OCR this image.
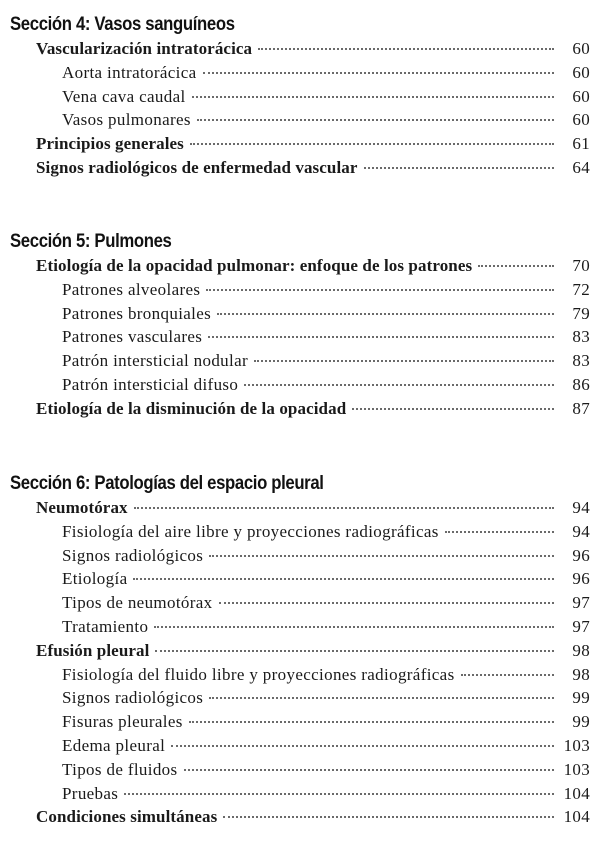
Sección 4: Vasos sanguíneos
Vascularización intratorácica	60
Aorta intratorácica	60
Vena cava caudal	60
Vasos pulmonares	60
Principios generales	61
Signos radiológicos de enfermedad vascular	64
Sección 5: Pulmones
Etiología de la opacidad pulmonar: enfoque de los patrones	70
Patrones alveolares	72
Patrones bronquiales	79
Patrones vasculares	83
Patrón intersticial nodular	83
Patrón intersticial difuso	86
Etiología de la disminución de la opacidad	87
Sección 6: Patologías del espacio pleural
Neumotórax	94
Fisiología del aire libre y proyecciones radiográficas	94
Signos radiológicos	96
Etiología	96
Tipos de neumotórax	97
Tratamiento	97
Efusión pleural	98
Fisiología del fluido libre y proyecciones radiográficas	98
Signos radiológicos	99
Fisuras pleurales	99
Edema pleural	103
Tipos de fluidos	103
Pruebas	104
Condiciones simultáneas	104
